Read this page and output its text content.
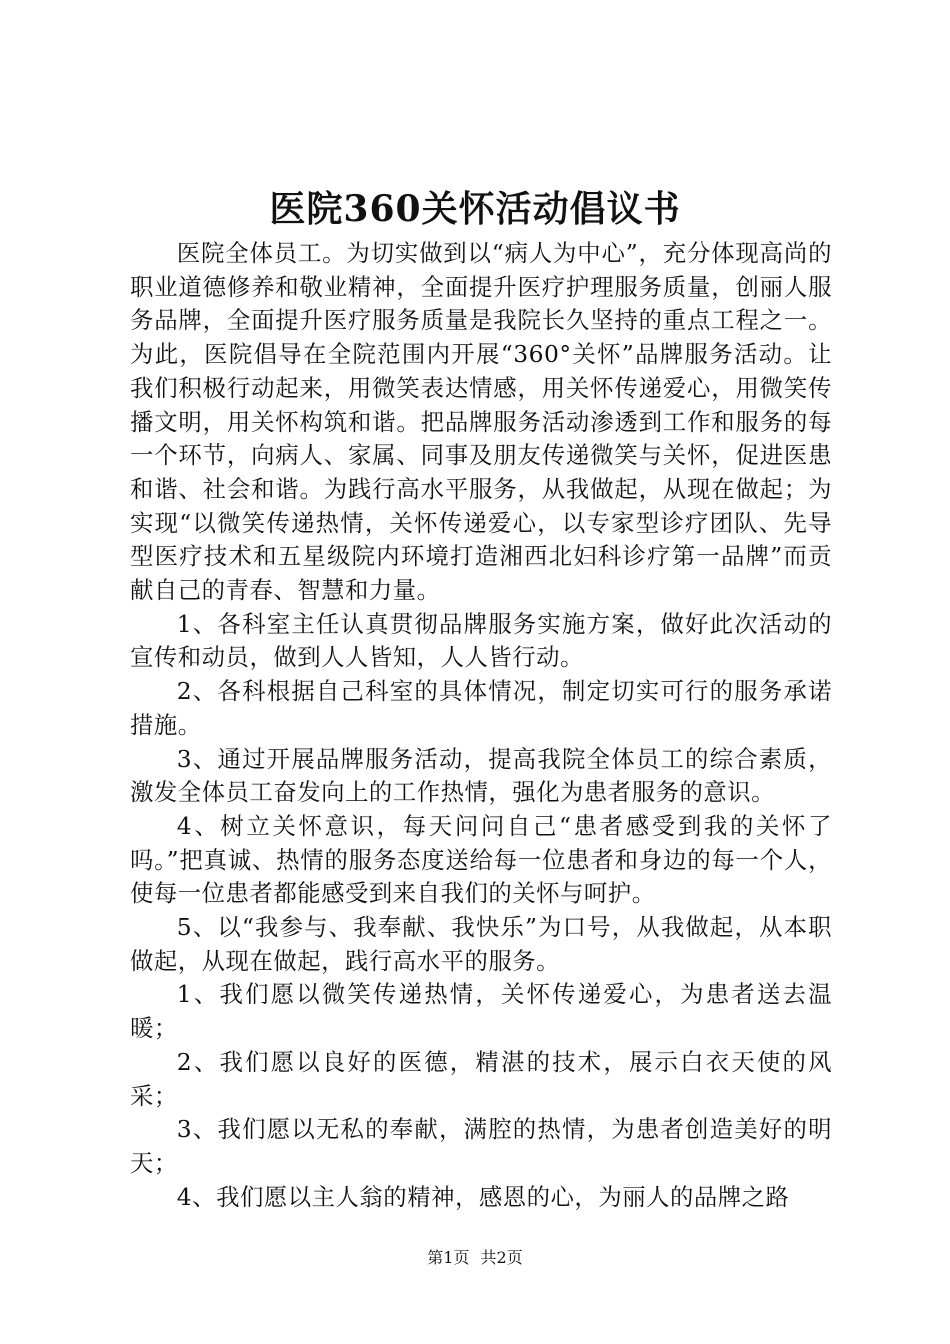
医院360关怀活动倡议书

医院全体员工。为切实做到以“病人为中心”，充分体现高尚的职业道德修养和敬业精神，全面提升医疗护理服务质量，创丽人服务品牌，全面提升医疗服务质量是我院长久坚持的重点工程之一。为此，医院倡导在全院范围内开展“360°关怀”品牌服务活动。让我们积极行动起来，用微笑表达情感，用关怀传递爱心，用微笑传播文明，用关怀构筑和谐。把品牌服务活动渗透到工作和服务的每一个环节，向病人、家属、同事及朋友传递微笑与关怀，促进医患和谐、社会和谐。为践行高水平服务，从我做起，从现在做起；为实现“以微笑传递热情，关怀传递爱心，以专家型诊疗团队、先导型医疗技术和五星级院内环境打造湘西北妇科诊疗第一品牌”而贡献自己的青春、智慧和力量。

1、各科室主任认真贯彻品牌服务实施方案，做好此次活动的宣传和动员，做到人人皆知，人人皆行动。

2、各科根据自己科室的具体情况，制定切实可行的服务承诺措施。

3、通过开展品牌服务活动，提高我院全体员工的综合素质，激发全体员工奋发向上的工作热情，强化为患者服务的意识。

4、树立关怀意识，每天问问自己“患者感受到我的关怀了吗。”把真诚、热情的服务态度送给每一位患者和身边的每一个人，使每一位患者都能感受到来自我们的关怀与呵护。

5、以“我参与、我奉献、我快乐”为口号，从我做起，从本职做起，从现在做起，践行高水平的服务。

1、我们愿以微笑传递热情，关怀传递爱心，为患者送去温暖；

2、我们愿以良好的医德，精湛的技术，展示白衣天使的风采；

3、我们愿以无私的奉献，满腔的热情，为患者创造美好的明天；

4、我们愿以主人翁的精神，感恩的心，为丽人的品牌之路

第1页 共2页
